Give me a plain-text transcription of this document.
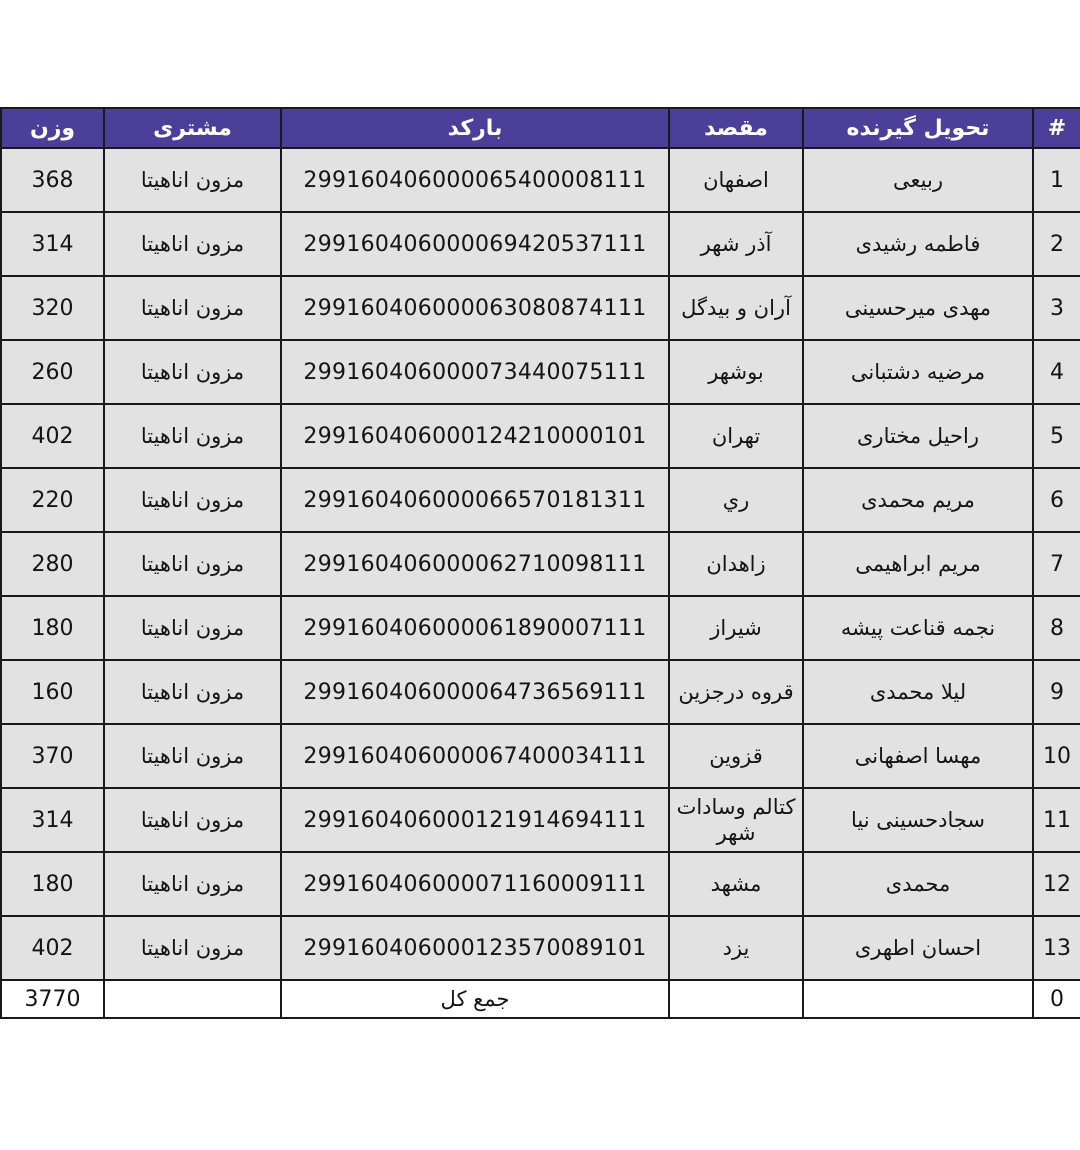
#	تحویل گیرنده	مقصد	بارکد	مشتری	وزن
1	ربیعی	اصفهان	299160406000065400008111	مزون اناهیتا	368
2	فاطمه رشیدی	آذر شهر	299160406000069420537111	مزون اناهیتا	314
3	مهدی میرحسینی	آران و بیدگل	299160406000063080874111	مزون اناهیتا	320
4	مرضیه دشتبانی	بوشهر	299160406000073440075111	مزون اناهیتا	260
5	راحیل مختاری	تهران	299160406000124210000101	مزون اناهیتا	402
6	مریم محمدی	ري	299160406000066570181311	مزون اناهیتا	220
7	مریم ابراهیمی	زاهدان	299160406000062710098111	مزون اناهیتا	280
8	نجمه قناعت پیشه	شیراز	299160406000061890007111	مزون اناهیتا	180
9	لیلا محمدی	قروه درجزین	299160406000064736569111	مزون اناهیتا	160
10	مهسا اصفهانی	قزوین	299160406000067400034111	مزون اناهیتا	370
11	سجادحسینی نیا	کتالم وسادات شهر	299160406000121914694111	مزون اناهیتا	314
12	محمدی	مشهد	299160406000071160009111	مزون اناهیتا	180
13	احسان اطهری	یزد	299160406000123570089101	مزون اناهیتا	402
0			جمع کل		3770
